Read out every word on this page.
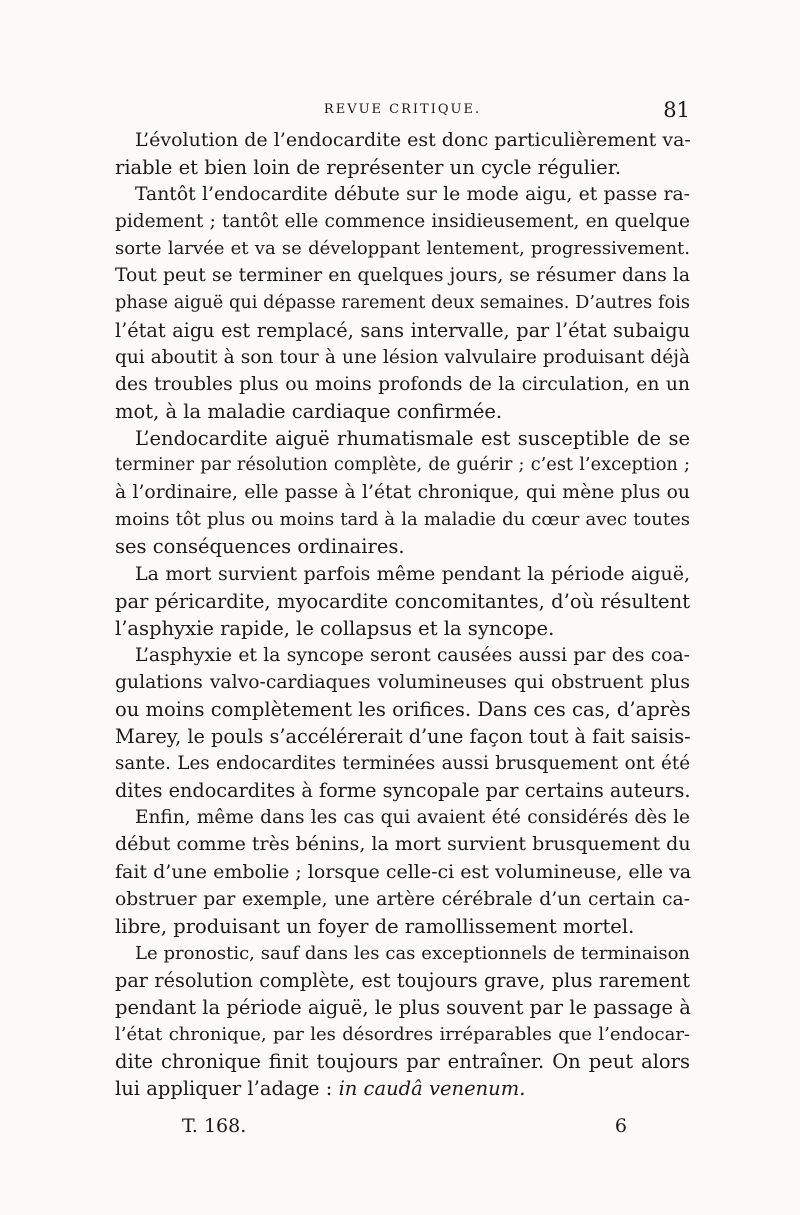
REVUE CRITIQUE.	81
L’évolution de l’endocardite est donc particulièrement va-
riable et bien loin de représenter un cycle régulier.
Tantôt l’endocardite débute sur le mode aigu, et passe ra-
pidement ; tantôt elle commence insidieusement, en quelque
sorte larvée et va se développant lentement, progressivement.
Tout peut se terminer en quelques jours, se résumer dans la
phase aiguë qui dépasse rarement deux semaines. D’autres fois
l’état aigu est remplacé, sans intervalle, par l’état subaigu
qui aboutit à son tour à une lésion valvulaire produisant déjà
des troubles plus ou moins profonds de la circulation, en un
mot, à la maladie cardiaque confirmée.
L’endocardite aiguë rhumatismale est susceptible de se
terminer par résolution complète, de guérir ; c’est l’exception ;
à l’ordinaire, elle passe à l’état chronique, qui mène plus ou
moins tôt plus ou moins tard à la maladie du cœur avec toutes
ses conséquences ordinaires.
La mort survient parfois même pendant la période aiguë,
par péricardite, myocardite concomitantes, d’où résultent
l’asphyxie rapide, le collapsus et la syncope.
L’asphyxie et la syncope seront causées aussi par des coa-
gulations valvo-cardiaques volumineuses qui obstruent plus
ou moins complètement les orifices. Dans ces cas, d’après
Marey, le pouls s’accélérerait d’une façon tout à fait saisis-
sante. Les endocardites terminées aussi brusquement ont été
dites endocardites à forme syncopale par certains auteurs.
Enfin, même dans les cas qui avaient été considérés dès le
début comme très bénins, la mort survient brusquement du
fait d’une embolie ; lorsque celle-ci est volumineuse, elle va
obstruer par exemple, une artère cérébrale d’un certain ca-
libre, produisant un foyer de ramollissement mortel.
Le pronostic, sauf dans les cas exceptionnels de terminaison
par résolution complète, est toujours grave, plus rarement
pendant la période aiguë, le plus souvent par le passage à
l’état chronique, par les désordres irréparables que l’endocar-
dite chronique finit toujours par entraîner. On peut alors
lui appliquer l’adage : in caudâ venenum.
T. 168.	6
